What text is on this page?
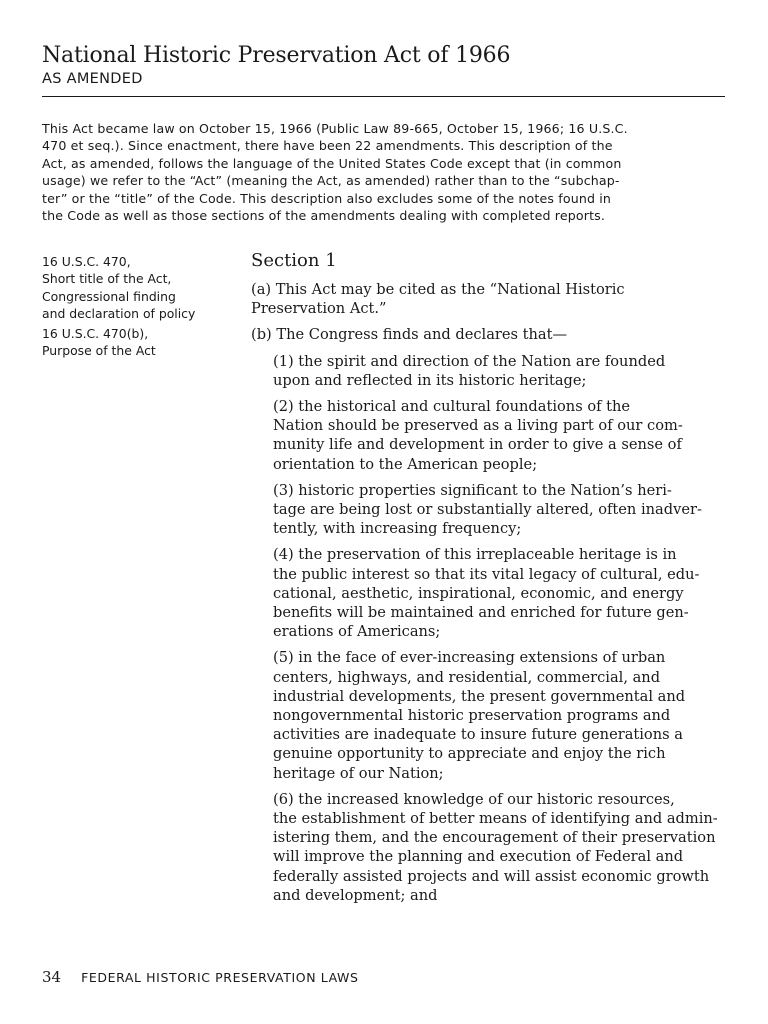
National Historic Preservation Act of 1966
AS AMENDED

This Act became law on October 15, 1966 (Public Law 89-665, October 15, 1966; 16 U.S.C.
470 et seq.). Since enactment, there have been 22 amendments. This description of the
Act, as amended, follows the language of the United States Code except that (in common
usage) we refer to the “Act” (meaning the Act, as amended) rather than to the “subchap-
ter” or the “title” of the Code. This description also excludes some of the notes found in
the Code as well as those sections of the amendments dealing with completed reports.

16 U.S.C. 470,
Short title of the Act,
Congressional finding
and declaration of policy
16 U.S.C. 470(b),
Purpose of the Act
Section 1

(a) This Act may be cited as the “National Historic
Preservation Act.”

(b) The Congress finds and declares that—

(1) the spirit and direction of the Nation are founded
upon and reflected in its historic heritage;

(2) the historical and cultural foundations of the
Nation should be preserved as a living part of our com-
munity life and development in order to give a sense of
orientation to the American people;

(3) historic properties significant to the Nation’s heri-
tage are being lost or substantially altered, often inadver-
tently, with increasing frequency;

(4) the preservation of this irreplaceable heritage is in
the public interest so that its vital legacy of cultural, edu-
cational, aesthetic, inspirational, economic, and energy
benefits will be maintained and enriched for future gen-
erations of Americans;

(5) in the face of ever-increasing extensions of urban
centers, highways, and residential, commercial, and
industrial developments, the present governmental and
nongovernmental historic preservation programs and
activities are inadequate to insure future generations a
genuine opportunity to appreciate and enjoy the rich
heritage of our Nation;

(6) the increased knowledge of our historic resources,
the establishment of better means of identifying and admin-
istering them, and the encouragement of their preservation
will improve the planning and execution of Federal and
federally assisted projects and will assist economic growth
and development; and

34 FEDERAL HISTORIC PRESERVATION LAWS
